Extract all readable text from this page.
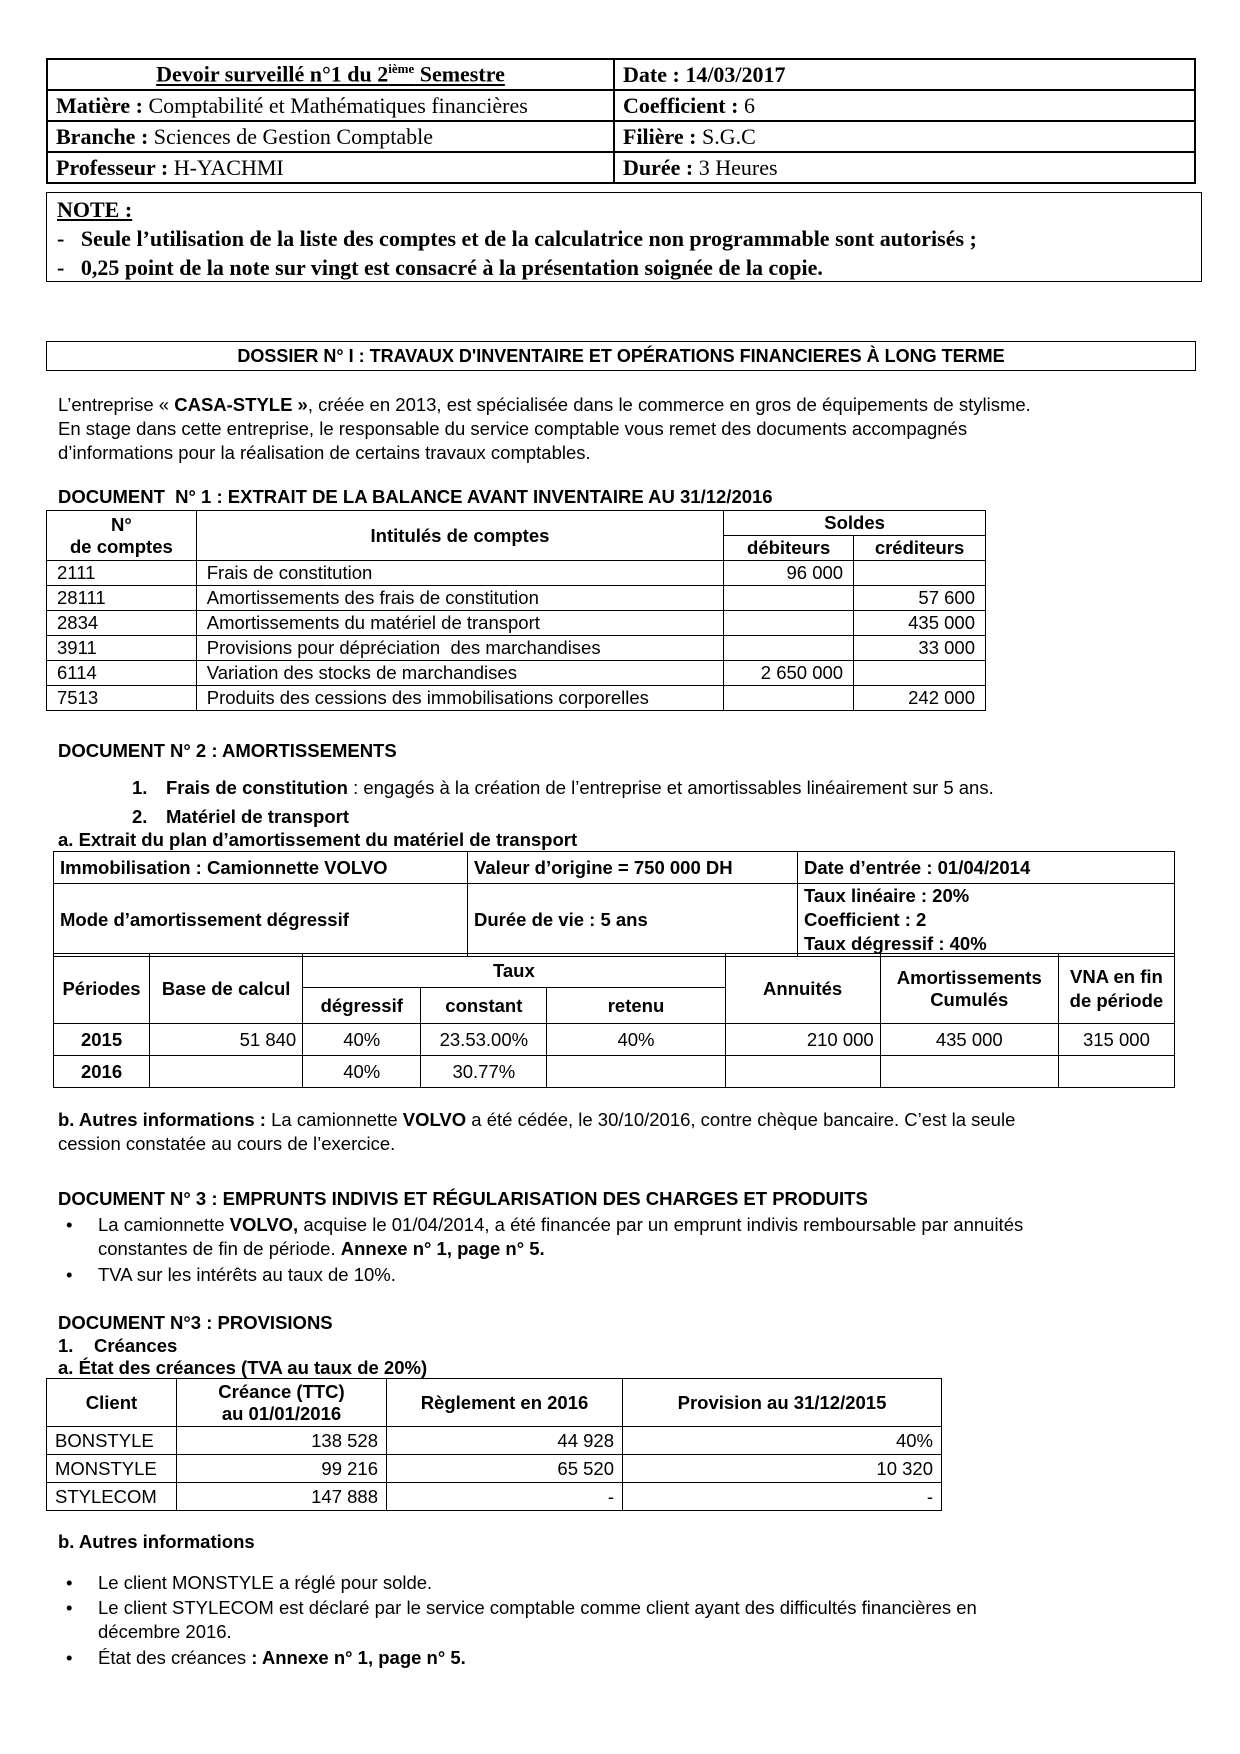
Devoir surveillé n°1 du 2ième Semestre	Date : 14/03/2017
Matière : Comptabilité et Mathématiques financières	Coefficient : 6
Branche : Sciences de Gestion Comptable	Filière : S.G.C
Professeur : H-YACHMI	Durée : 3 Heures
NOTE :
-   Seule l’utilisation de la liste des comptes et de la calculatrice non programmable sont autorisés ;
-   0,25 point de la note sur vingt est consacré à la présentation soignée de la copie.
DOSSIER N° I : TRAVAUX D'INVENTAIRE ET OPÉRATIONS FINANCIERES À LONG TERME
L’entreprise « CASA-STYLE », créée en 2013, est spécialisée dans le commerce en gros de équipements de stylisme.
En stage dans cette entreprise, le responsable du service comptable vous remet des documents accompagnés
d’informations pour la réalisation de certains travaux comptables.
DOCUMENT  N° 1 : EXTRAIT DE LA BALANCE AVANT INVENTAIRE AU 31/12/2016
N°
de comptes	Intitulés de comptes	Soldes	
		débiteurs	créditeurs
2111	Frais de constitution	96 000	
28111	Amortissements des frais de constitution		57 600
2834	Amortissements du matériel de transport		435 000
3911	Provisions pour dépréciation  des marchandises		33 000
6114	Variation des stocks de marchandises	2 650 000	
7513	Produits des cessions des immobilisations corporelles		242 000
DOCUMENT N° 2 : AMORTISSEMENTS
1. Frais de constitution : engagés à la création de l’entreprise et amortissables linéairement sur 5 ans.
2. Matériel de transport
a. Extrait du plan d’amortissement du matériel de transport
Immobilisation : Camionnette VOLVO	Valeur d’origine = 750 000 DH	Date d’entrée : 01/04/2014
Mode d’amortissement dégressif	Durée de vie : 5 ans	Taux linéaire : 20%
Coefficient : 2
Taux dégressif : 40%
Périodes	Base de calcul	Taux			Annuités	Amortissements Cumulés	VNA en fin de période
		dégressif	constant	retenu			
2015	51 840	40%	23.53.00%	40%	210 000	435 000	315 000
2016		40%	30.77%				
b. Autres informations : La camionnette VOLVO a été cédée, le 30/10/2016, contre chèque bancaire. C’est la seule
cession constatée au cours de l’exercice.
DOCUMENT N° 3 : EMPRUNTS INDIVIS ET RÉGULARISATION DES CHARGES ET PRODUITS
•	La camionnette VOLVO, acquise le 01/04/2014, a été financée par un emprunt indivis remboursable par annuités
constantes de fin de période. Annexe n° 1, page n° 5.
•	TVA sur les intérêts au taux de 10%.
DOCUMENT N°3 : PROVISIONS
1.    Créances
a. État des créances (TVA au taux de 20%)
Client	Créance (TTC)
au 01/01/2016	Règlement en 2016	Provision au 31/12/2015
BONSTYLE	138 528	44 928	40%
MONSTYLE	99 216	65 520	10 320
STYLECOM	147 888	-	-
b. Autres informations
•	Le client MONSTYLE a réglé pour solde.
•	Le client STYLECOM est déclaré par le service comptable comme client ayant des difficultés financières en
décembre 2016.
•	État des créances : Annexe n° 1, page n° 5.
